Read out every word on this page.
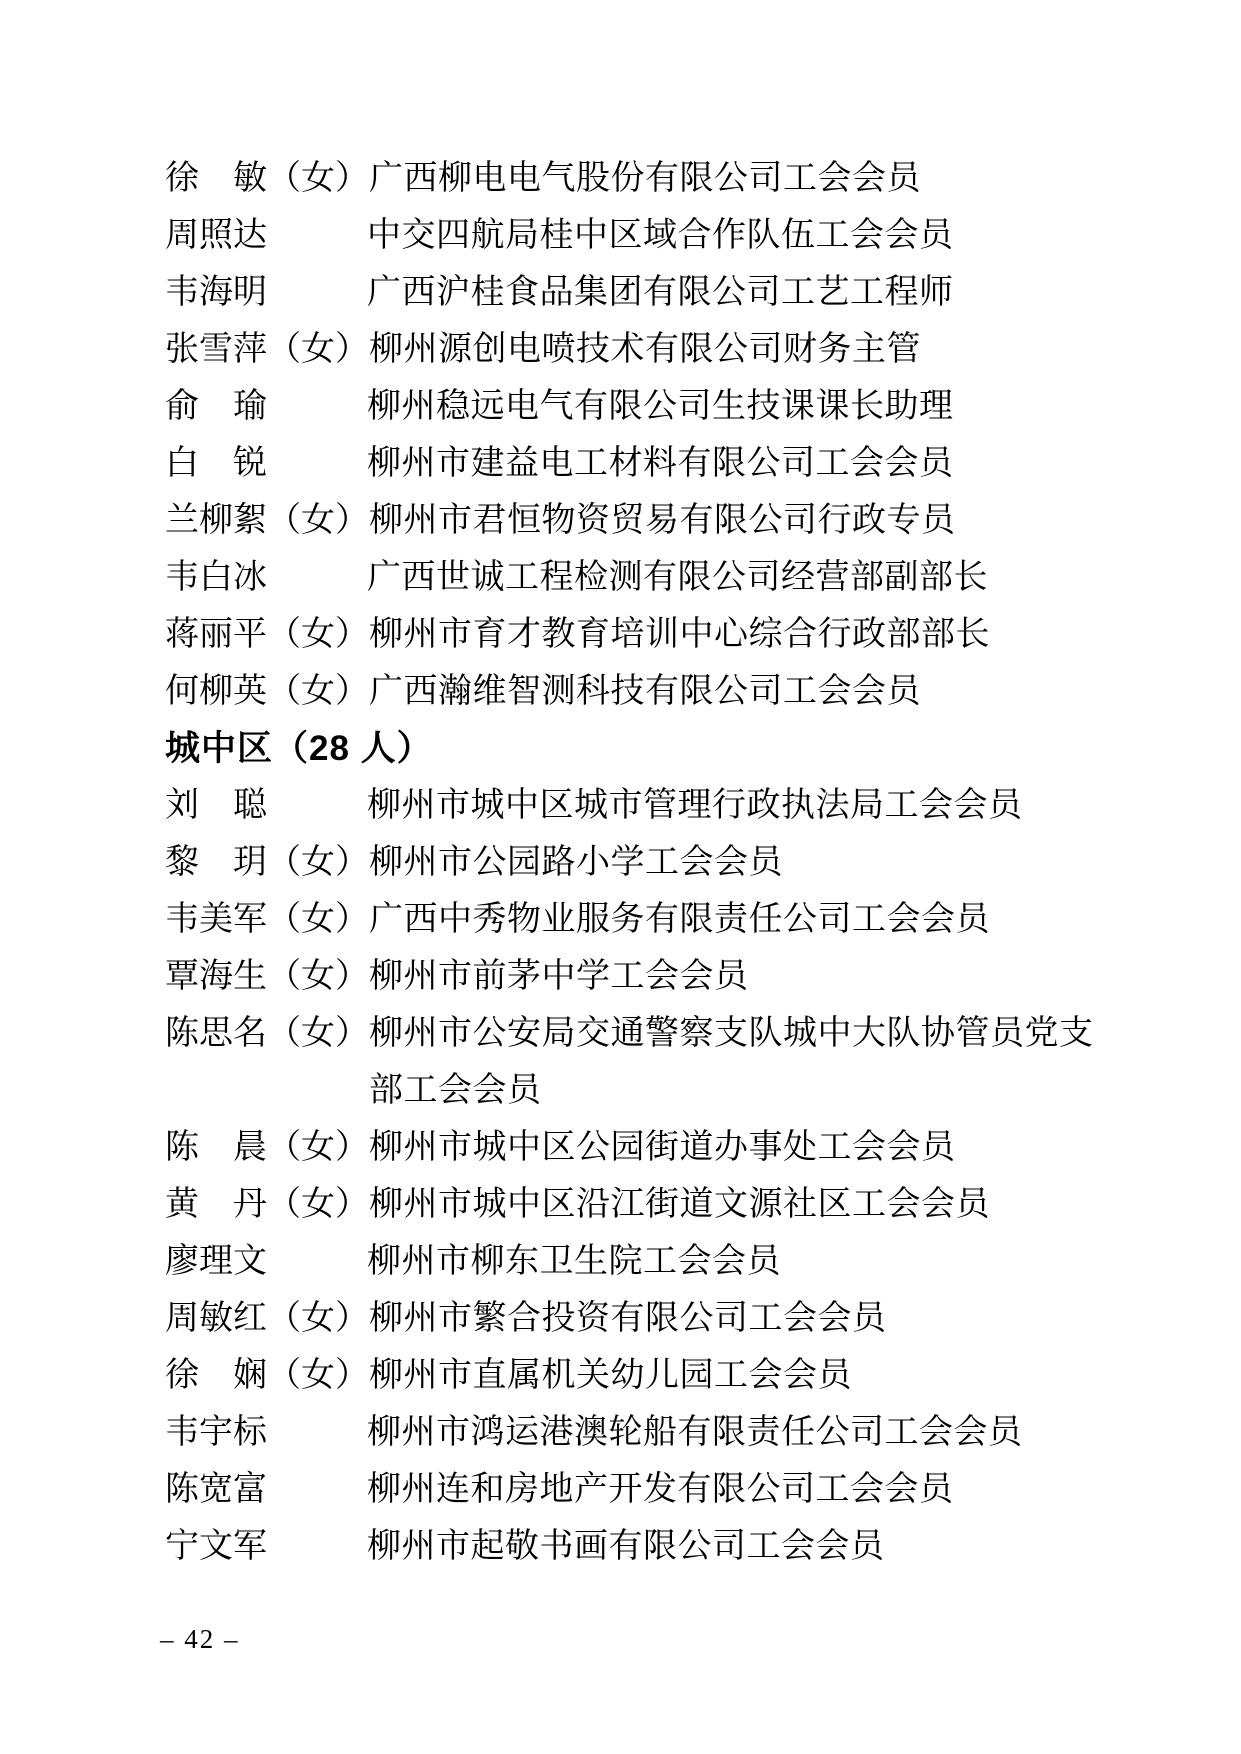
徐　敏 （女） 广西柳电电气股份有限公司工会会员
周照达	中交四航局桂中区域合作队伍工会会员
韦海明	广西沪桂食品集团有限公司工艺工程师
张雪萍 （女） 柳州源创电喷技术有限公司财务主管
俞　瑜	柳州稳远电气有限公司生技课课长助理
白　锐	柳州市建益电工材料有限公司工会会员
兰柳絮 （女） 柳州市君恒物资贸易有限公司行政专员
韦白冰	广西世诚工程检测有限公司经营部副部长
蒋丽平 （女） 柳州市育才教育培训中心综合行政部部长
何柳英 （女） 广西瀚维智测科技有限公司工会会员
城中区（28 人）
刘　聪	柳州市城中区城市管理行政执法局工会会员
黎　玥 （女） 柳州市公园路小学工会会员
韦美军 （女） 广西中秀物业服务有限责任公司工会会员
覃海生 （女） 柳州市前茅中学工会会员
陈思名 （女） 柳州市公安局交通警察支队城中大队协管员党支部工会会员
陈　晨 （女） 柳州市城中区公园街道办事处工会会员
黄　丹 （女） 柳州市城中区沿江街道文源社区工会会员
廖理文	柳州市柳东卫生院工会会员
周敏红 （女） 柳州市繁合投资有限公司工会会员
徐　娴 （女） 柳州市直属机关幼儿园工会会员
韦宇标	柳州市鸿运港澳轮船有限责任公司工会会员
陈宽富	柳州连和房地产开发有限公司工会会员
宁文军	柳州市起敬书画有限公司工会会员
– 42 –
